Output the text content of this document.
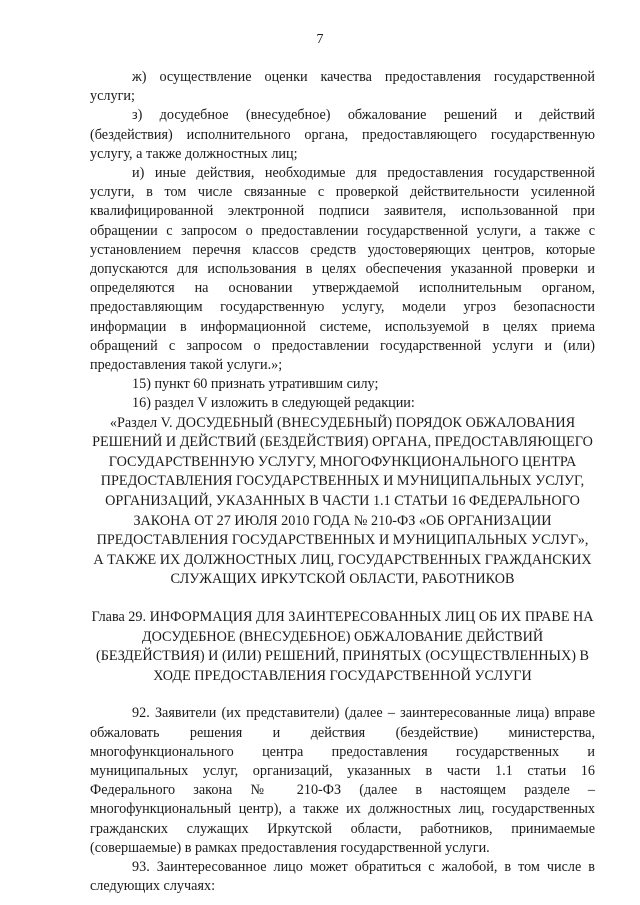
7

ж) осуществление оценки качества предоставления государственной услуги;

з) досудебное (внесудебное) обжалование решений и действий (бездействия) исполнительного органа, предоставляющего государственную услугу, а также должностных лиц;

и) иные действия, необходимые для предоставления государственной услуги, в том числе связанные с проверкой действительности усиленной квалифицированной электронной подписи заявителя, использованной при обращении с запросом о предоставлении государственной услуги, а также с установлением перечня классов средств удостоверяющих центров, которые допускаются для использования в целях обеспечения указанной проверки и определяются на основании утверждаемой исполнительным органом, предоставляющим государственную услугу, модели угроз безопасности информации в информационной системе, используемой в целях приема обращений с запросом о предоставлении государственной услуги и (или) предоставления такой услуги.»;

15) пункт 60 признать утратившим силу;

16) раздел V изложить в следующей редакции:

«Раздел V. ДОСУДЕБНЫЙ (ВНЕСУДЕБНЫЙ) ПОРЯДОК ОБЖАЛОВАНИЯ РЕШЕНИЙ И ДЕЙСТВИЙ (БЕЗДЕЙСТВИЯ) ОРГАНА, ПРЕДОСТАВЛЯЮЩЕГО ГОСУДАРСТВЕННУЮ УСЛУГУ, МНОГОФУНКЦИОНАЛЬНОГО ЦЕНТРА ПРЕДОСТАВЛЕНИЯ ГОСУДАРСТВЕННЫХ И МУНИЦИПАЛЬНЫХ УСЛУГ, ОРГАНИЗАЦИЙ, УКАЗАННЫХ В ЧАСТИ 1.1 СТАТЬИ 16 ФЕДЕРАЛЬНОГО ЗАКОНА ОТ 27 ИЮЛЯ 2010 ГОДА № 210-ФЗ «ОБ ОРГАНИЗАЦИИ ПРЕДОСТАВЛЕНИЯ ГОСУДАРСТВЕННЫХ И МУНИЦИПАЛЬНЫХ УСЛУГ», А ТАКЖЕ ИХ ДОЛЖНОСТНЫХ ЛИЦ, ГОСУДАРСТВЕННЫХ ГРАЖДАНСКИХ СЛУЖАЩИХ ИРКУТСКОЙ ОБЛАСТИ, РАБОТНИКОВ

Глава 29. ИНФОРМАЦИЯ ДЛЯ ЗАИНТЕРЕСОВАННЫХ ЛИЦ ОБ ИХ ПРАВЕ НА ДОСУДЕБНОЕ (ВНЕСУДЕБНОЕ) ОБЖАЛОВАНИЕ ДЕЙСТВИЙ (БЕЗДЕЙСТВИЯ) И (ИЛИ) РЕШЕНИЙ, ПРИНЯТЫХ (ОСУЩЕСТВЛЕННЫХ) В ХОДЕ ПРЕДОСТАВЛЕНИЯ ГОСУДАРСТВЕННОЙ УСЛУГИ

92. Заявители (их представители) (далее – заинтересованные лица) вправе обжаловать решения и действия (бездействие) министерства, многофункционального центра предоставления государственных и муниципальных услуг, организаций, указанных в части 1.1 статьи 16 Федерального закона № 210-ФЗ (далее в настоящем разделе – многофункциональный центр), а также их должностных лиц, государственных гражданских служащих Иркутской области, работников, принимаемые (совершаемые) в рамках предоставления государственной услуги.

93. Заинтересованное лицо может обратиться с жалобой, в том числе в следующих случаях:
